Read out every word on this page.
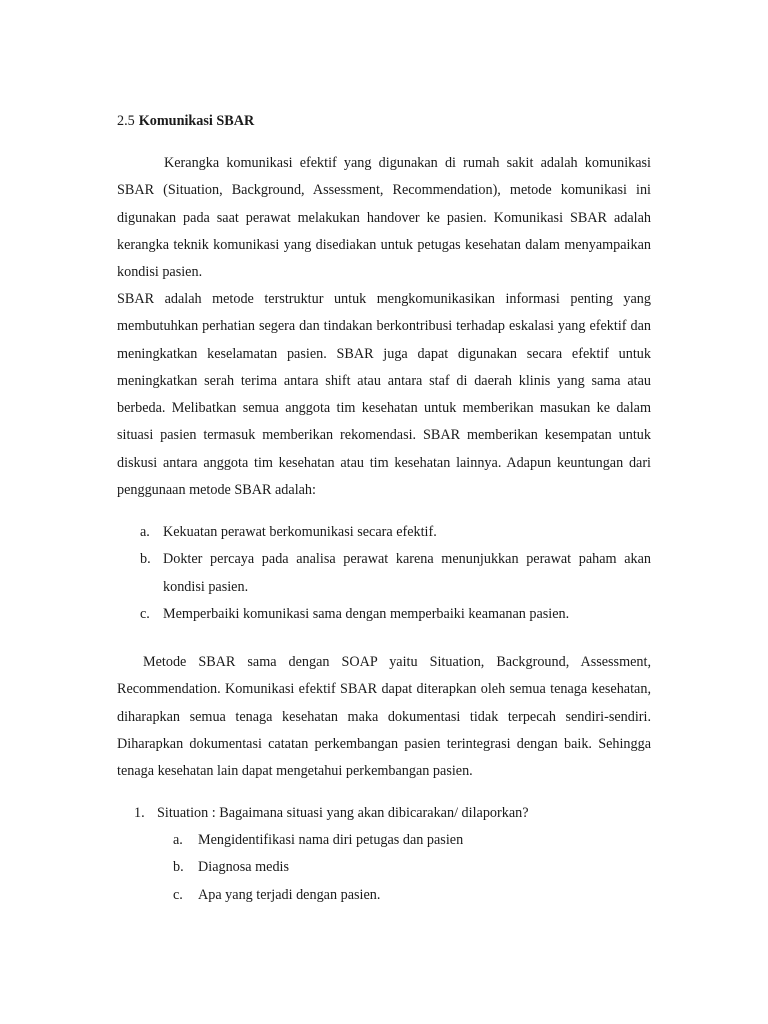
2.5 Komunikasi SBAR

Kerangka komunikasi efektif yang digunakan di rumah sakit adalah komunikasi SBAR (Situation, Background, Assessment, Recommendation), metode komunikasi ini digunakan pada saat perawat melakukan handover ke pasien. Komunikasi SBAR adalah kerangka teknik komunikasi yang disediakan untuk petugas kesehatan dalam menyampaikan kondisi pasien.

SBAR adalah metode terstruktur untuk mengkomunikasikan informasi penting yang membutuhkan perhatian segera dan tindakan berkontribusi terhadap eskalasi yang efektif dan meningkatkan keselamatan pasien. SBAR juga dapat digunakan secara efektif untuk meningkatkan serah terima antara shift atau antara staf di daerah klinis yang sama atau berbeda. Melibatkan semua anggota tim kesehatan untuk memberikan masukan ke dalam situasi pasien termasuk memberikan rekomendasi. SBAR memberikan kesempatan untuk diskusi antara anggota tim kesehatan atau tim kesehatan lainnya. Adapun keuntungan dari penggunaan metode SBAR adalah:

a. Kekuatan perawat berkomunikasi secara efektif.
b. Dokter percaya pada analisa perawat karena menunjukkan perawat paham akan kondisi pasien.
c. Memperbaiki komunikasi sama dengan memperbaiki keamanan pasien.

Metode SBAR sama dengan SOAP yaitu Situation, Background, Assessment, Recommendation. Komunikasi efektif SBAR dapat diterapkan oleh semua tenaga kesehatan, diharapkan semua tenaga kesehatan maka dokumentasi tidak terpecah sendiri-sendiri. Diharapkan dokumentasi catatan perkembangan pasien terintegrasi dengan baik. Sehingga tenaga kesehatan lain dapat mengetahui perkembangan pasien.

1. Situation : Bagaimana situasi yang akan dibicarakan/ dilaporkan?
a. Mengidentifikasi nama diri petugas dan pasien
b. Diagnosa medis
c. Apa yang terjadi dengan pasien.
